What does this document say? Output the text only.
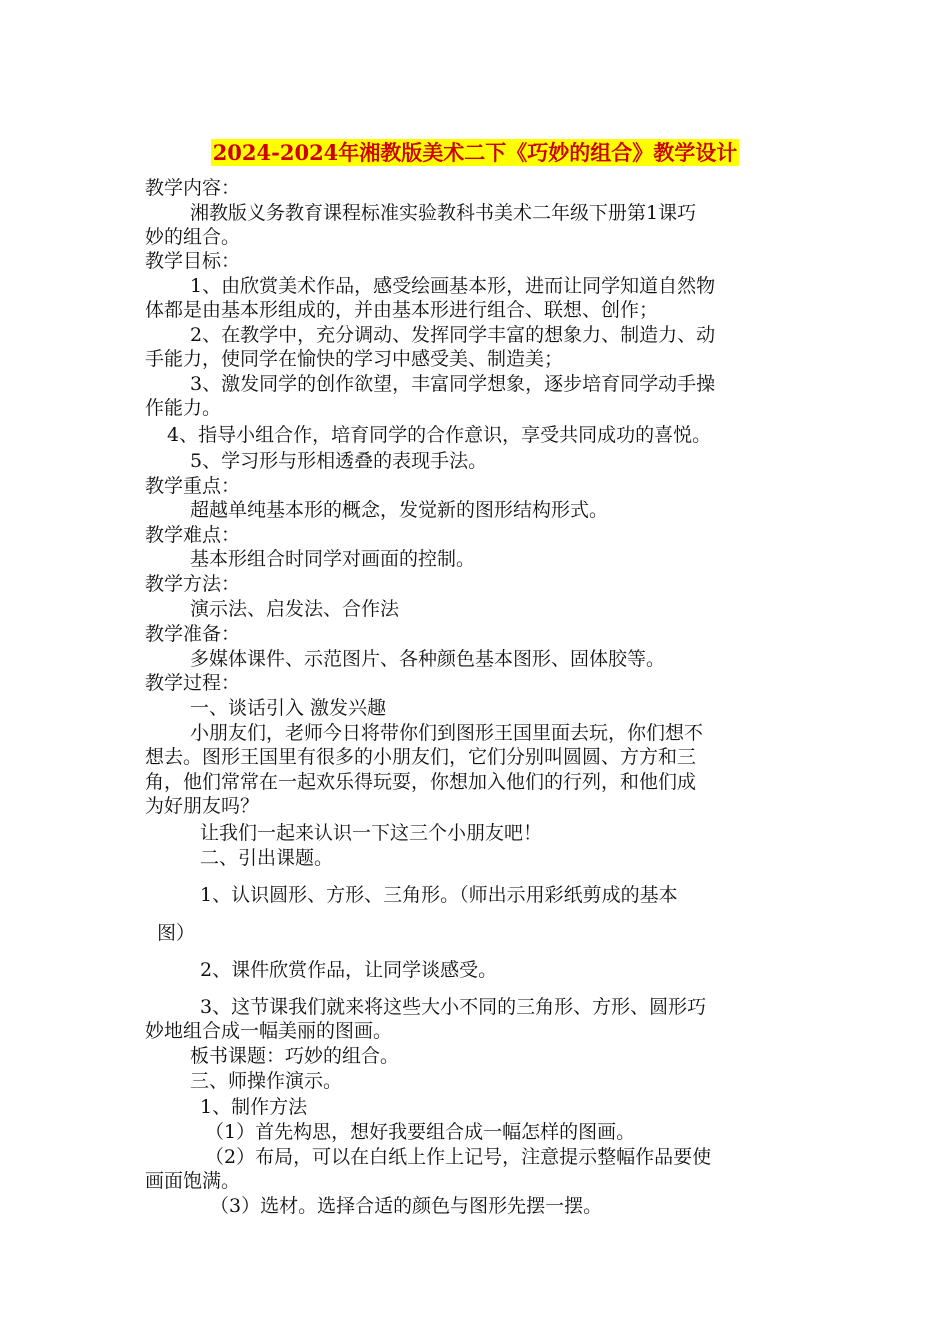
2024-2024年湘教版美术二下《巧妙的组合》教学设计
教学内容：
湘教版义务教育课程标准实验教科书美术二年级下册第1课巧
妙的组合。
教学目标：
1、由欣赏美术作品，感受绘画基本形，进而让同学知道自然物
体都是由基本形组成的，并由基本形进行组合、联想、创作；
2、在教学中，充分调动、发挥同学丰富的想象力、制造力、动
手能力，使同学在愉快的学习中感受美、制造美；
3、激发同学的创作欲望，丰富同学想象，逐步培育同学动手操
作能力。
4、指导小组合作，培育同学的合作意识，享受共同成功的喜悦。
5、学习形与形相透叠的表现手法。
教学重点：
超越单纯基本形的概念，发觉新的图形结构形式。
教学难点：
基本形组合时同学对画面的控制。
教学方法：
演示法、启发法、合作法
教学准备：
多媒体课件、示范图片、各种颜色基本图形、固体胶等。
教学过程：
一、谈话引入 激发兴趣
小朋友们，老师今日将带你们到图形王国里面去玩，你们想不
想去。图形王国里有很多的小朋友们，它们分别叫圆圆、方方和三
角，他们常常在一起欢乐得玩耍，你想加入他们的行列，和他们成
为好朋友吗？
让我们一起来认识一下这三个小朋友吧！
二、引出课题。
1、认识圆形、方形、三角形。（师出示用彩纸剪成的基本
图）
2、课件欣赏作品，让同学谈感受。
3、这节课我们就来将这些大小不同的三角形、方形、圆形巧
妙地组合成一幅美丽的图画。
板书课题：巧妙的组合。
三、师操作演示。
1、制作方法
（1）首先构思，想好我要组合成一幅怎样的图画。
（2）布局，可以在白纸上作上记号，注意提示整幅作品要使
画面饱满。
（3）选材。选择合适的颜色与图形先摆一摆。
